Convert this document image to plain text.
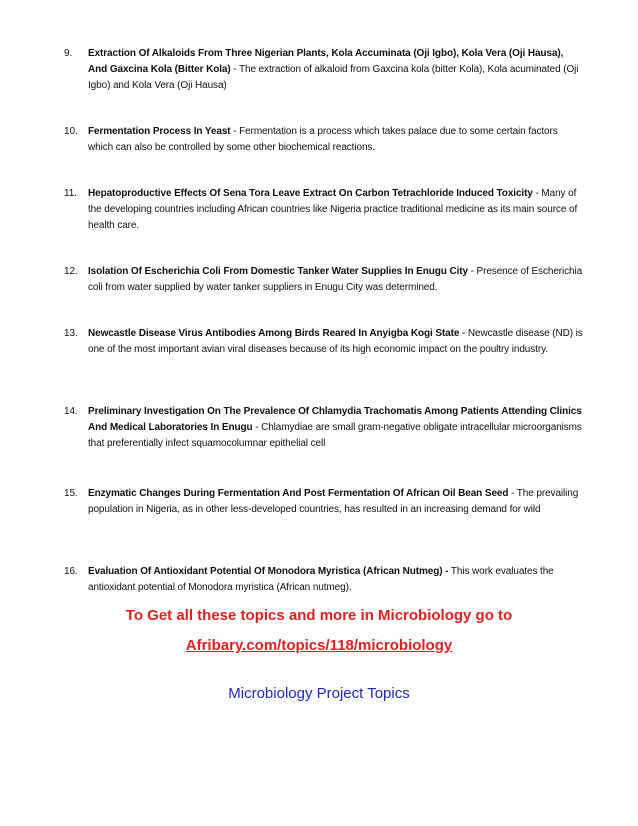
9. Extraction Of Alkaloids From Three Nigerian Plants, Kola Accuminata (Oji Igbo), Kola Vera (Oji Hausa), And Gaxcina Kola (Bitter Kola) - The extraction of alkaloid from Gaxcina kola (bitter Kola), Kola acuminated (Oji Igbo) and Kola Vera (Oji Hausa)
10. Fermentation Process In Yeast - Fermentation is a process which takes palace due to some certain factors which can also be controlled by some other biochemical reactions.
11. Hepatoproductive Effects Of Sena Tora Leave Extract On Carbon Tetrachloride Induced Toxicity - Many of the developing countries including African countries like Nigeria practice traditional medicine as its main source of health care.
12. Isolation Of Escherichia Coli From Domestic Tanker Water Supplies In Enugu City - Presence of Escherichia coli from water supplied by water tanker suppliers in Enugu City was determined.
13. Newcastle Disease Virus Antibodies Among Birds Reared In Anyigba Kogi State - Newcastle disease (ND) is one of the most important avian viral diseases because of its high economic impact on the poultry industry.
14. Preliminary Investigation On The Prevalence Of Chlamydia Trachomatis Among Patients Attending Clinics And Medical Laboratories In Enugu - Chlamydiae are small gram-negative obligate intracellular microorganisms that preferentially infect squamocolumnar epithelial cell
15. Enzymatic Changes During Fermentation And Post Fermentation Of African Oil Bean Seed - The prevailing population in Nigeria, as in other less-developed countries, has resulted in an increasing demand for wild
16. Evaluation Of Antioxidant Potential Of Monodora Myristica (African Nutmeg) - This work evaluates the antioxidant potential of Monodora myristica (African nutmeg).
To Get all these topics and more in Microbiology go to
Afribary.com/topics/118/microbiology
Microbiology Project Topics
